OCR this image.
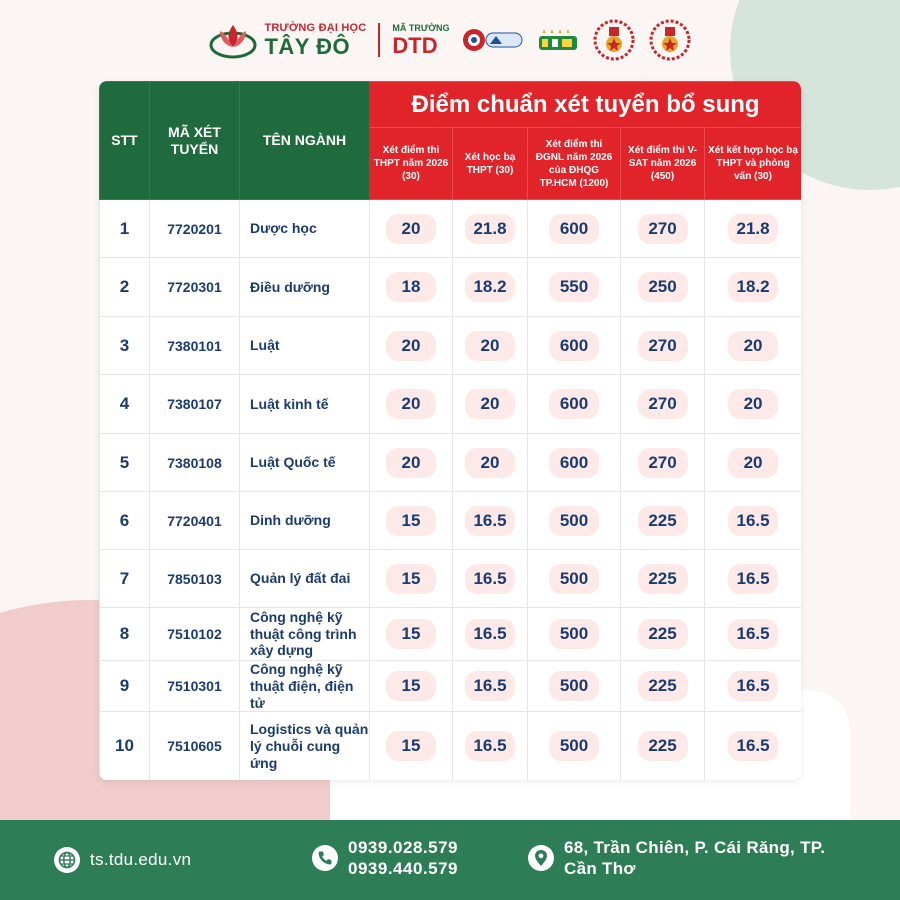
TRƯỜNG ĐẠI HỌC
TÂY ĐÔ
MÃ TRƯỜNG
DTD
STT	MÃ XÉT TUYỂN	TÊN NGÀNH	Điểm chuẩn xét tuyển bổ sung				
			Xét điểm thi THPT năm 2026 (30)	Xét học bạ THPT (30)	Xét điểm thi ĐGNL năm 2026 của ĐHQG TP.HCM (1200)	Xét điểm thi V-SAT năm 2026 (450)	Xét kết hợp học bạ THPT và phỏng vấn (30)
1	7720201	Dược học	20	21.8	600	270	21.8
2	7720301	Điều dưỡng	18	18.2	550	250	18.2
3	7380101	Luật	20	20	600	270	20
4	7380107	Luật kinh tế	20	20	600	270	20
5	7380108	Luật Quốc tế	20	20	600	270	20
6	7720401	Dinh dưỡng	15	16.5	500	225	16.5
7	7850103	Quản lý đất đai	15	16.5	500	225	16.5
8	7510102	Công nghệ kỹ thuật công trình xây dựng	15	16.5	500	225	16.5
9	7510301	Công nghệ kỹ thuật điện, điện tử	15	16.5	500	225	16.5
10	7510605	Logistics và quản lý chuỗi cung ứng	15	16.5	500	225	16.5
ts.tdu.edu.vn
0939.028.579
0939.440.579
68, Trần Chiên, P. Cái Răng, TP.
Cần Thơ
